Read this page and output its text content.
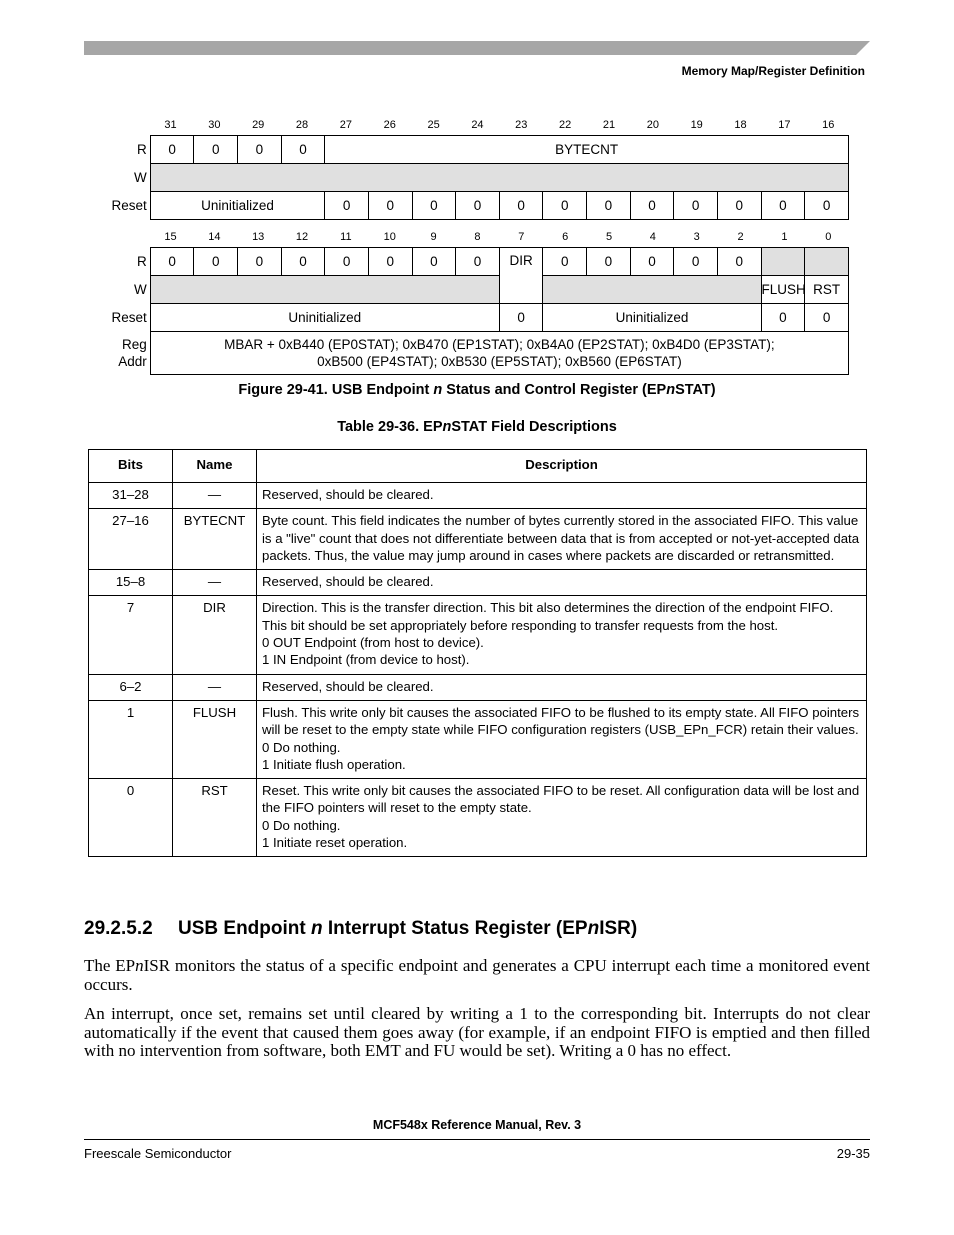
Memory Map/Register Definition
31	30	29	28	27	26	25	24	23	22	21	20	19	18	17	16
R	0	0	0	0	BYTECNT											
W																
Reset	Uninitialized				0	0	0	0	0	0	0	0	0	0	0	0
15	14	13	12	11	10	9	8	7	6	5	4	3	2	1	0
R	0	0	0	0	0	0	0	0	DIR	0	0	0	0	0		
W															FLUSH	RST
Reset	Uninitialized								0	Uninitialized					0	0
Reg
Addr	MBAR + 0xB440 (EP0STAT); 0xB470 (EP1STAT); 0xB4A0 (EP2STAT); 0xB4D0 (EP3STAT);
0xB500 (EP4STAT); 0xB530 (EP5STAT); 0xB560 (EP6STAT)															
Figure 29-41. USB Endpoint n Status and Control Register (EPnSTAT)
Table 29-36. EPnSTAT Field Descriptions
Bits	Name	Description
31–28	—	Reserved, should be cleared.

27–16	BYTECNT	Byte count. This field indicates the number of bytes currently stored in the associated FIFO. This value is a "live" count that does not differentiate between data that is from accepted or not-yet-accepted data packets. Thus, the value may jump around in cases where packets are discarded or retransmitted.

15–8	—	Reserved, should be cleared.

7	DIR	Direction. This is the transfer direction. This bit also determines the direction of the endpoint FIFO. This bit should be set appropriately before responding to transfer requests from the host.
0 OUT Endpoint (from host to device).
1 IN Endpoint (from device to host).

6–2	—	Reserved, should be cleared.

1	FLUSH	Flush. This write only bit causes the associated FIFO to be flushed to its empty state. All FIFO pointers will be reset to the empty state while FIFO configuration registers (USB_EPn_FCR) retain their values.
0 Do nothing.
1 Initiate flush operation.

0	RST	Reset. This write only bit causes the associated FIFO to be reset. All configuration data will be lost and the FIFO pointers will reset to the empty state.
0 Do nothing.
1 Initiate reset operation.
29.2.5.2 USB Endpoint n Interrupt Status Register (EPnISR)
The EPnISR monitors the status of a specific endpoint and generates a CPU interrupt each time a monitored event occurs.
An interrupt, once set, remains set until cleared by writing a 1 to the corresponding bit. Interrupts do not clear automatically if the event that caused them goes away (for example, if an endpoint FIFO is emptied and then filled with no intervention from software, both EMT and FU would be set). Writing a 0 has no effect.
MCF548x Reference Manual, Rev. 3
Freescale Semiconductor	29-35
